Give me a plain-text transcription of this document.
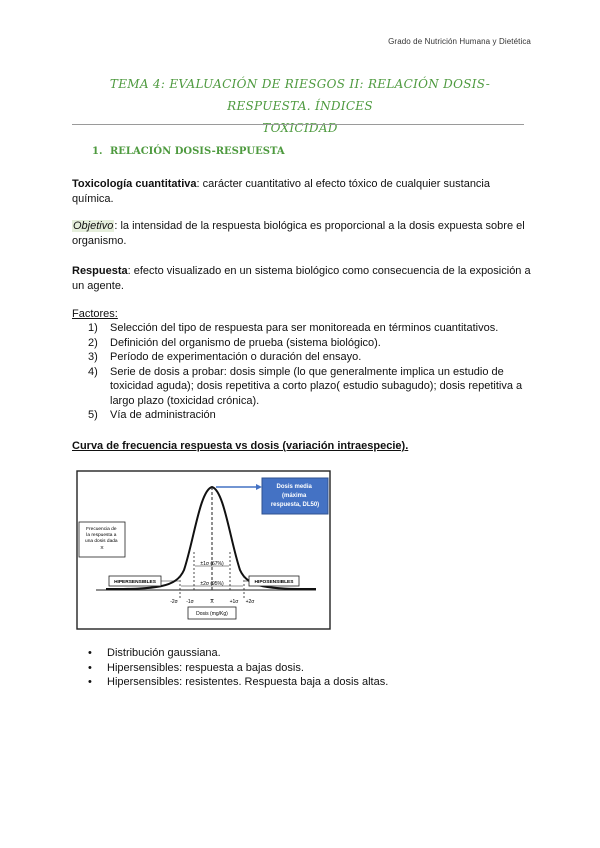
Grado de Nutrición Humana y Dietética
TEMA 4: EVALUACIÓN DE RIESGOS II: RELACIÓN DOSIS-RESPUESTA. ÍNDICES
TOXICIDAD
1. RELACIÓN DOSIS-RESPUESTA
Toxicología cuantitativa: carácter cuantitativo al efecto tóxico de cualquier sustancia química.
Objetivo: la intensidad de la respuesta biológica es proporcional a la dosis expuesta sobre el organismo.
Respuesta: efecto visualizado en un sistema biológico como consecuencia de la exposición a un agente.
Factores:
1) Selección del tipo de respuesta para ser monitoreada en términos cuantitativos.
2) Definición del organismo de prueba (sistema biológico).
3) Período de experimentación o duración del ensayo.
4) Serie de dosis a probar: dosis simple (lo que generalmente implica un estudio de toxicidad aguda); dosis repetitiva a corto plazo( estudio subagudo); dosis repetitiva a largo plazo (toxicidad crónica).
5) Vía de administración
Curva de frecuencia respuesta vs dosis (variación intraespecie).
±1σ (67%)
±2σ (95%)
Dosis media (máxima respuesta, DL50)
Frecuencia de la respuesta a una dosis dada X
HIPERSENSIBLES	HIPOSENSIBLES
-2σ -1σ	X	+1σ +2σ
Dosis (mg/Kg)
• Distribución gaussiana.
• Hipersensibles: respuesta a bajas dosis.
• Hipersensibles: resistentes. Respuesta baja a dosis altas.
